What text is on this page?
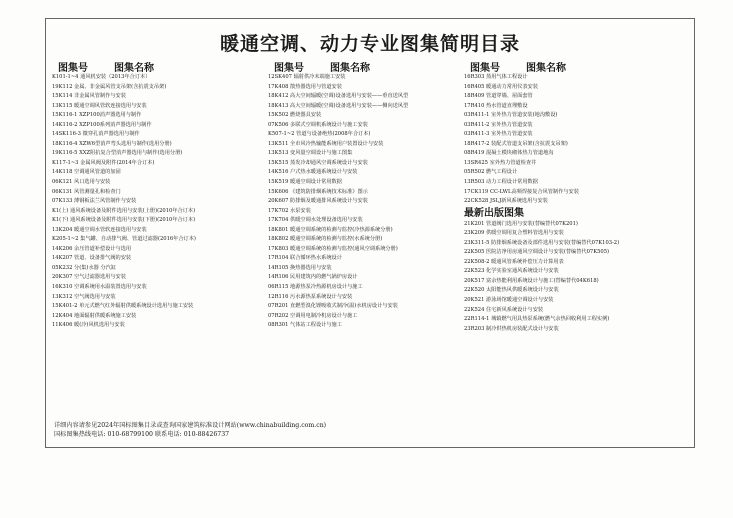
暖通空调、动力专业图集简明目录
图集号	图集名称
K101-1~4 通风机安装（2013年合订本）
19K112 金属、非金属风管支吊架(含抗震支吊架)
15K114 非金属风管制作与安装
13K115 暖通空调风管软连接选用与安装
15K116-1 XZP100消声器选用与制作
14K116-2 XZP100系列消声器选用与制作
14SK116-3 微穿孔消声器选用与制作
18K116-4 XZW6型消声弯头选用与制作(选用分册)
19K116-5 XXZ阻抗复合型消声器选用与制作(选用分册)
K117-1~3 金属风阀及附件(2014年合订本)
14K118 空调通风管道的加固
06K121 风口选用与安装
06K131 风管测量孔和检查门
07K133 薄钢板法兰风管制作与安装
K1(上) 通风系统设备及附件选用与安装(上册)(2010年合订本)
K1(下) 通风系统设备及附件选用与安装(下册)(2010年合订本)
13K204 暖通空调水管软连接选用与安装
K205-1~2 集气罐、自动排气阀、管道过滤器(2016年合订本)
14K206 余压管道补偿设计与选用
14K207 管道、设备排气阀的安装
05K232 分(集)水器 分汽缸
20K307 空气过滤器选用与安装
16K310 空调系统用水温装置选用与安装
13K312 空气阀选用与安装
15K401-2 单元式燃气红外辐射供暖系统设计选用与施工安装
12K404 地面辐射供暖系统施工安装
11K406 暖(冷)风机选用与安装
图集号	图集名称
12SK407 辐射供冷末端施工安装
17K408 散热器选用与管道安装
18K412 高大空间辐暖(空调)设备选用与安装——垂直送风型
18K413 高大空间辐暖(空调)设备选用与安装——侧向送风型
15K502 燃烧器具安装
07K506 多联式空调机系统设计与施工安装
K507-1~2 管道与设备绝热(2008年合订本)
13K511 全市风冷热输能系统用户装置设计与安装
13K513 变风量空调设计与施工图集
15K515 蒸发冷却通风空调系统设计与安装
14K516 户式热水暖通系统设计与安装
15K519 暖通空调设计常用数据
15K606 《建筑防排烟系统技术标准》图示
20K607 防排烟及暖通排风系统设计与安装
17K702 水泵安装
17K704 供暖空调水处理设备选用与安装
18K801 暖通空调系统的检测与监控(冷热源系统分册)
18K802 暖通空调系统的检测与监控(水系统分册)
17K803 暖通空调系统的检测与监控(通风空调系统分册)
17R104 联合循环热水系统设计
14R105 换热器选用与安装
14R106 民用建筑内的燃气锅炉房设计
06R115 地源热泵冷热源机房设计与施工
12R116 污水源热泵系统设计与安装
07R201 直燃型溴化锂吸收式制冷(温)水机房设计与安装
07R202 空调用电制冷机房设计与施工
08R301 气体站工程设计与施工
图集号	图集名称
16R303 蒸用气体工程设计
16R405 暖通动力常用仪表安装
18R409 管道穿墙、屋面套管
17R410 热水管道直埋敷设
03R411-1 室外热力管道安装(地沟敷设)
03R411-2 室外热力管道安装
03R411-3 室外热力管道安装
18R417-2 装配式管道支吊架(含抗震支吊架)
08R419 混凝土模块砌体热力管道地沟
13SR425 室外热力管道检查井
05R502 燃气工程设计
13R503 动力工程设计常用数据
17CK119 CC-LWL高频焊接复合风管制作与安装
22CK528 JSLJ新风系统选用与安装
最新出版图集
21K201 管道阀门选用与安装(替编替代07K201)
23K209 供暖空调用复合塑料管选用与安装
23K311-5 防排烟系统设备及部件选用与安装(替编替代07K103-2)
22K505 医院洁净用房通风空调设计与安装(替编替代07K505)
22K508-2 暖通风管系统补偿压力计算用表
22K523 化学实验室通风系统设计与安装
20K517 富余热能利用系统设计与施工(替编替代04K618)
22K520 太阳能热风供暖系统设计与安装
20K521 游泳场馆暖通空调设计与安装
22K524 住宅新风系统设计与安装
22R114-1 城镇燃气用具热泵系统(燃气余热回收利用工程实例)
23R203 制冷供热机房装配式设计与安装
详细内容请参见2024年国标图集目录或查询国家建筑标准设计网站(www.chinabuilding.com.cn)
国标图集热线电话: 010-68799100 联系电话: 010-88426737
